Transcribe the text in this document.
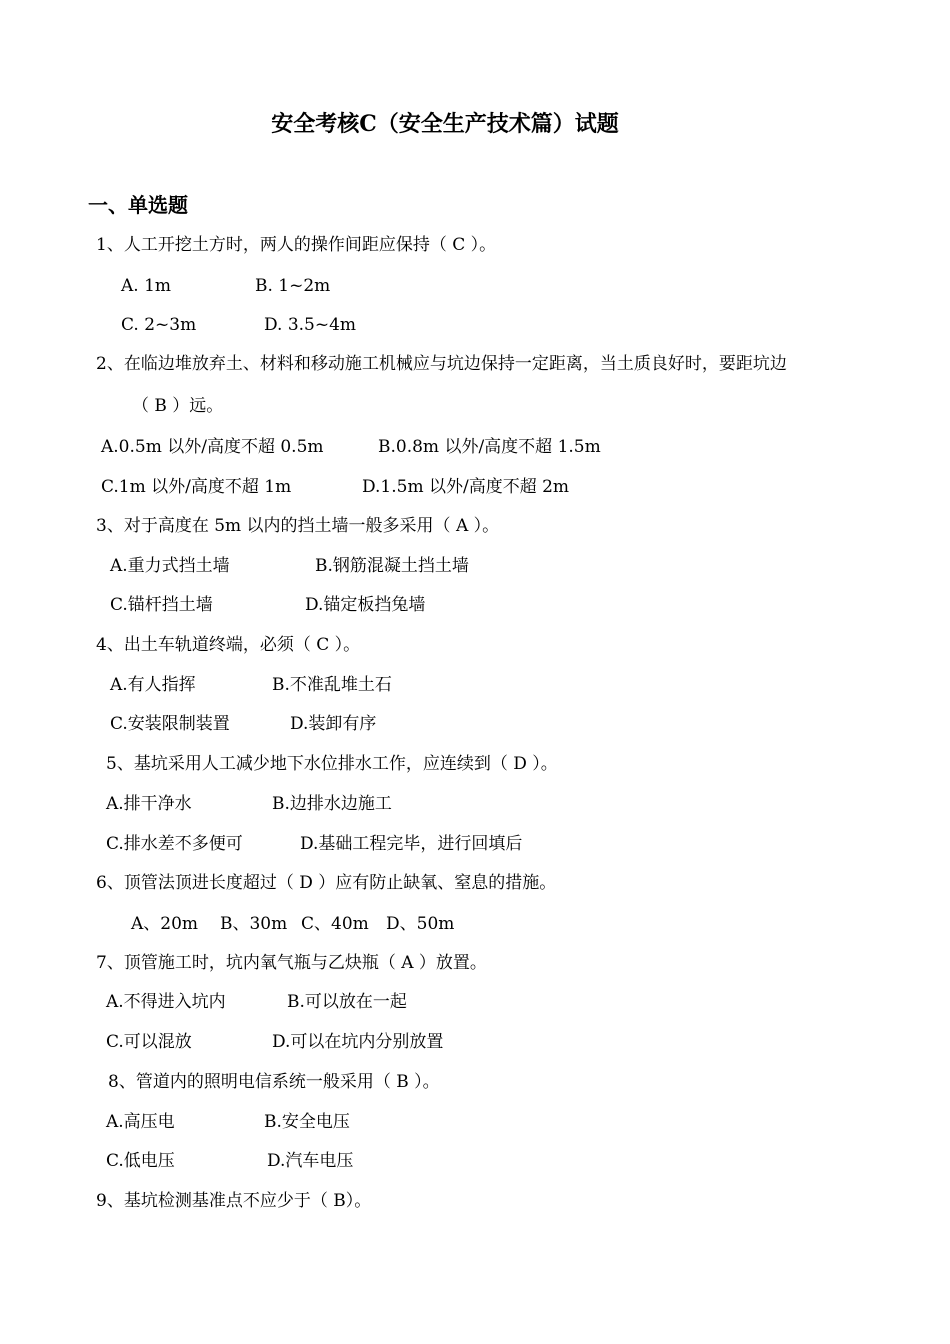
安全考核C（安全生产技术篇）试题
一、单选题
1、人工开挖土方时，两人的操作间距应保持（ C ）。
A. 1m	B. 1~2m
C. 2~3m	D. 3.5~4m
2、在临边堆放弃土、材料和移动施工机械应与坑边保持一定距离，当土质良好时，要距坑边
（ B ）远。
A.0.5m 以外/高度不超 0.5m	B.0.8m 以外/高度不超 1.5m
C.1m 以外/高度不超 1m	D.1.5m 以外/高度不超 2m
3、对于高度在 5m 以内的挡土墙一般多采用（ A ）。
A.重力式挡土墙	B.钢筋混凝土挡土墙
C.锚杆挡土墙	D.锚定板挡兔墙
4、出土车轨道终端，必须（ C ）。
A.有人指挥	B.不准乱堆土石
C.安装限制装置	D.装卸有序
5、基坑采用人工减少地下水位排水工作，应连续到（ D ）。
A.排干净水	B.边排水边施工
C.排水差不多便可	D.基础工程完毕，进行回填后
6、顶管法顶进长度超过（ D ）应有防止缺氧、窒息的措施。
A、20m B、30m C、40m D、50m
7、顶管施工时，坑内氧气瓶与乙炔瓶（ A ）放置。
A.不得进入坑内	B.可以放在一起
C.可以混放	D.可以在坑内分别放置
8、管道内的照明电信系统一般采用（ B ）。
A.高压电	B.安全电压
C.低电压	D.汽车电压
9、基坑检测基准点不应少于（ B）。
